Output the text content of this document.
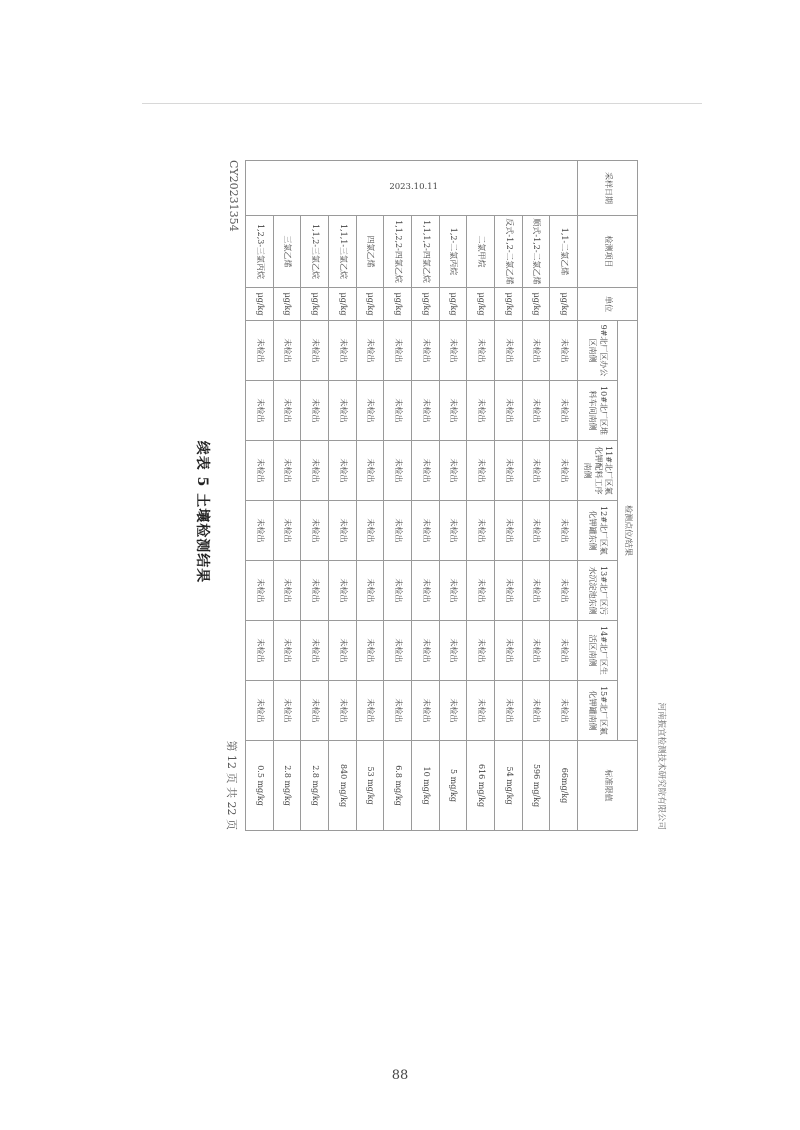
河南振宜检测技术研究院有限公司
采样日期	检测项目	单位	检测点位/结果							标准限值
			9#北厂区办公区南侧	10#北厂区堆料车间南侧	11#北厂区氟化钾配料工序南侧	12#北厂区氟化钾罐东侧	13#北厂区污水沉淀池东侧	14#北厂区生活区南侧	15#北厂区氟化钾罐南侧	
2023.10.11	1,1-二氯乙烯	μg/kg	未检出	未检出	未检出	未检出	未检出	未检出	未检出	66mg/kg
	顺式-1,2-二氯乙烯	μg/kg	未检出	未检出	未检出	未检出	未检出	未检出	未检出	596 mg/kg
	反式-1,2-二氯乙烯	μg/kg	未检出	未检出	未检出	未检出	未检出	未检出	未检出	54 mg/kg
	二氯甲烷	μg/kg	未检出	未检出	未检出	未检出	未检出	未检出	未检出	616 mg/kg
	1,2-二氯丙烷	μg/kg	未检出	未检出	未检出	未检出	未检出	未检出	未检出	5 mg/kg
	1,1,1,2-四氯乙烷	μg/kg	未检出	未检出	未检出	未检出	未检出	未检出	未检出	10 mg/kg
	1,1,2,2-四氯乙烷	μg/kg	未检出	未检出	未检出	未检出	未检出	未检出	未检出	6.8 mg/kg
	四氯乙烯	μg/kg	未检出	未检出	未检出	未检出	未检出	未检出	未检出	53 mg/kg
	1,1,1-三氯乙烷	μg/kg	未检出	未检出	未检出	未检出	未检出	未检出	未检出	840 mg/kg
	1,1,2-三氯乙烷	μg/kg	未检出	未检出	未检出	未检出	未检出	未检出	未检出	2.8 mg/kg
	三氯乙烯	μg/kg	未检出	未检出	未检出	未检出	未检出	未检出	未检出	2.8 mg/kg
	1,2,3-三氯丙烷	μg/kg	未检出	未检出	未检出	未检出	未检出	未检出	未检出	0.5 mg/kg
CY20231354
第 12 页 共 22 页
续表 5 土壤检测结果
88
